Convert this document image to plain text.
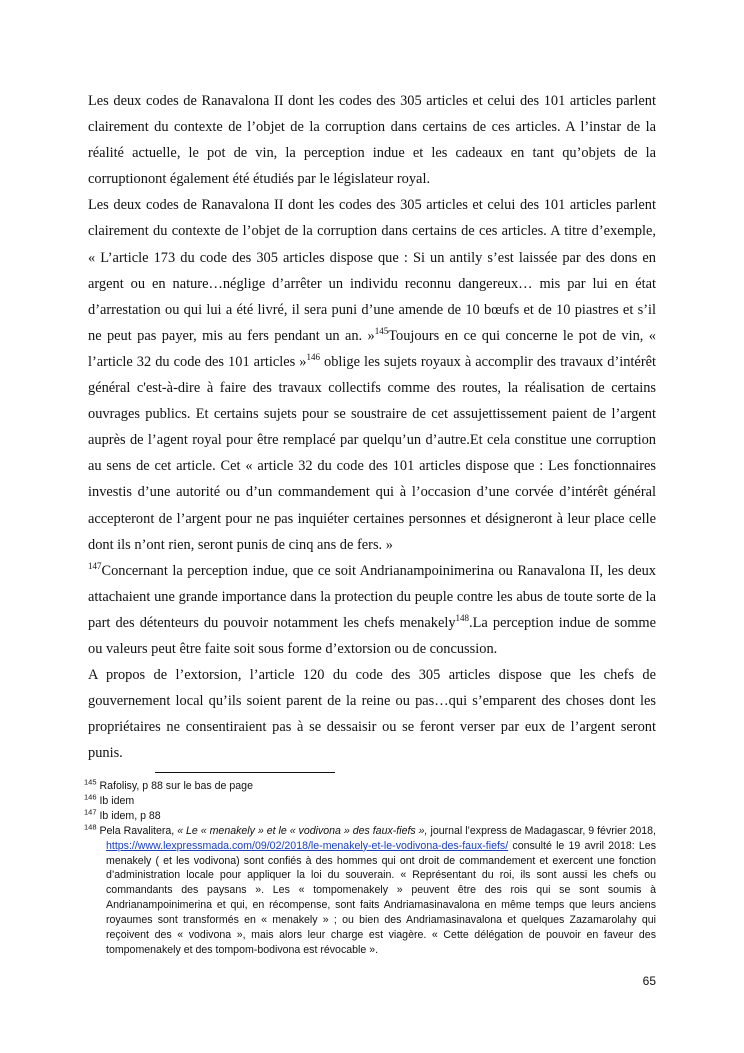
Les deux codes de Ranavalona II dont les codes des 305 articles et celui des 101 articles parlent clairement du contexte de l’objet de la corruption dans certains de ces articles. A l’instar de la réalité actuelle, le pot de vin, la perception indue et les cadeaux en tant qu’objets de la corruptionont également été étudiés par le législateur royal.

Les deux codes de Ranavalona II dont les codes des 305 articles et celui des 101 articles parlent clairement du contexte de l’objet de la corruption dans certains de ces articles. A titre d’exemple, « L’article 173 du code des 305 articles dispose que : Si un antily s’est laissée par des dons en argent ou en nature…néglige d’arrêter un individu reconnu dangereux… mis par lui en état d’arrestation ou qui lui a été livré, il sera puni d’une amende de 10 bœufs et de 10 piastres et s’il ne peut pas payer, mis au fers pendant un an. »$^{145}$Toujours en ce qui concerne le pot de vin, « l’article 32 du code des 101 articles »$^{146}$ oblige les sujets royaux à accomplir des travaux d’intérêt général c'est-à-dire à faire des travaux collectifs comme des routes, la réalisation de certains ouvrages publics. Et certains sujets pour se soustraire de cet assujettissement paient de l’argent auprès de l’agent royal pour être remplacé par quelqu’un d’autre.Et cela constitue une corruption au sens de cet article. Cet « article 32 du code des 101 articles dispose que : Les fonctionnaires investis d’une autorité ou d’un commandement qui à l’occasion d’une corvée d’intérêt général accepteront de l’argent pour ne pas inquiéter certaines personnes et désigneront à leur place celle dont ils n’ont rien, seront punis de cinq ans de fers. »
$^{147}$Concernant la perception indue, que ce soit Andrianampoinimerina ou Ranavalona II, les deux attachaient une grande importance dans la protection du peuple contre les abus de toute sorte de la part des détenteurs du pouvoir notamment les chefs menakely$^{148}$.La perception indue de somme ou valeurs peut être faite soit sous forme d’extorsion ou de concussion.

A propos de l’extorsion, l’article 120 du code des 305 articles dispose que les chefs de gouvernement local qu’ils soient parent de la reine ou pas…qui s’emparent des choses dont les propriétaires ne consentiraient pas à se dessaisir ou se feront verser par eux de l’argent seront punis.

$^{145}$ Rafolisy, p 88 sur le bas de page

$^{146}$ Ib idem

$^{147}$ Ib idem, p 88

$^{148}$ Pela Ravalitera, « Le « menakely » et le « vodivona » des faux-fiefs », journal l’express de Madagascar, 9 février 2018, https://www.lexpressmada.com/09/02/2018/le-menakely-et-le-vodivona-des-faux-fiefs/ consulté le 19 avril 2018: Les menakely ( et les vodivona) sont confiés à des hommes qui ont droit de commandement et exercent une fonction d’administration locale pour appliquer la loi du souverain. « Représentant du roi, ils sont aussi les chefs ou commandants des paysans ». Les « tompomenakely » peuvent être des rois qui se sont soumis à Andrianampoinimerina et qui, en récompense, sont faits Andriamasinavalona en même temps que leurs anciens royaumes sont transformés en « menakely » ; ou bien des Andriamasinavalona et quelques Zazamarolahy qui reçoivent des « vodivona », mais alors leur charge est viagère. « Cette délégation de pouvoir en faveur des tompomenakely et des tompom-bodivona est révocable ».

65
